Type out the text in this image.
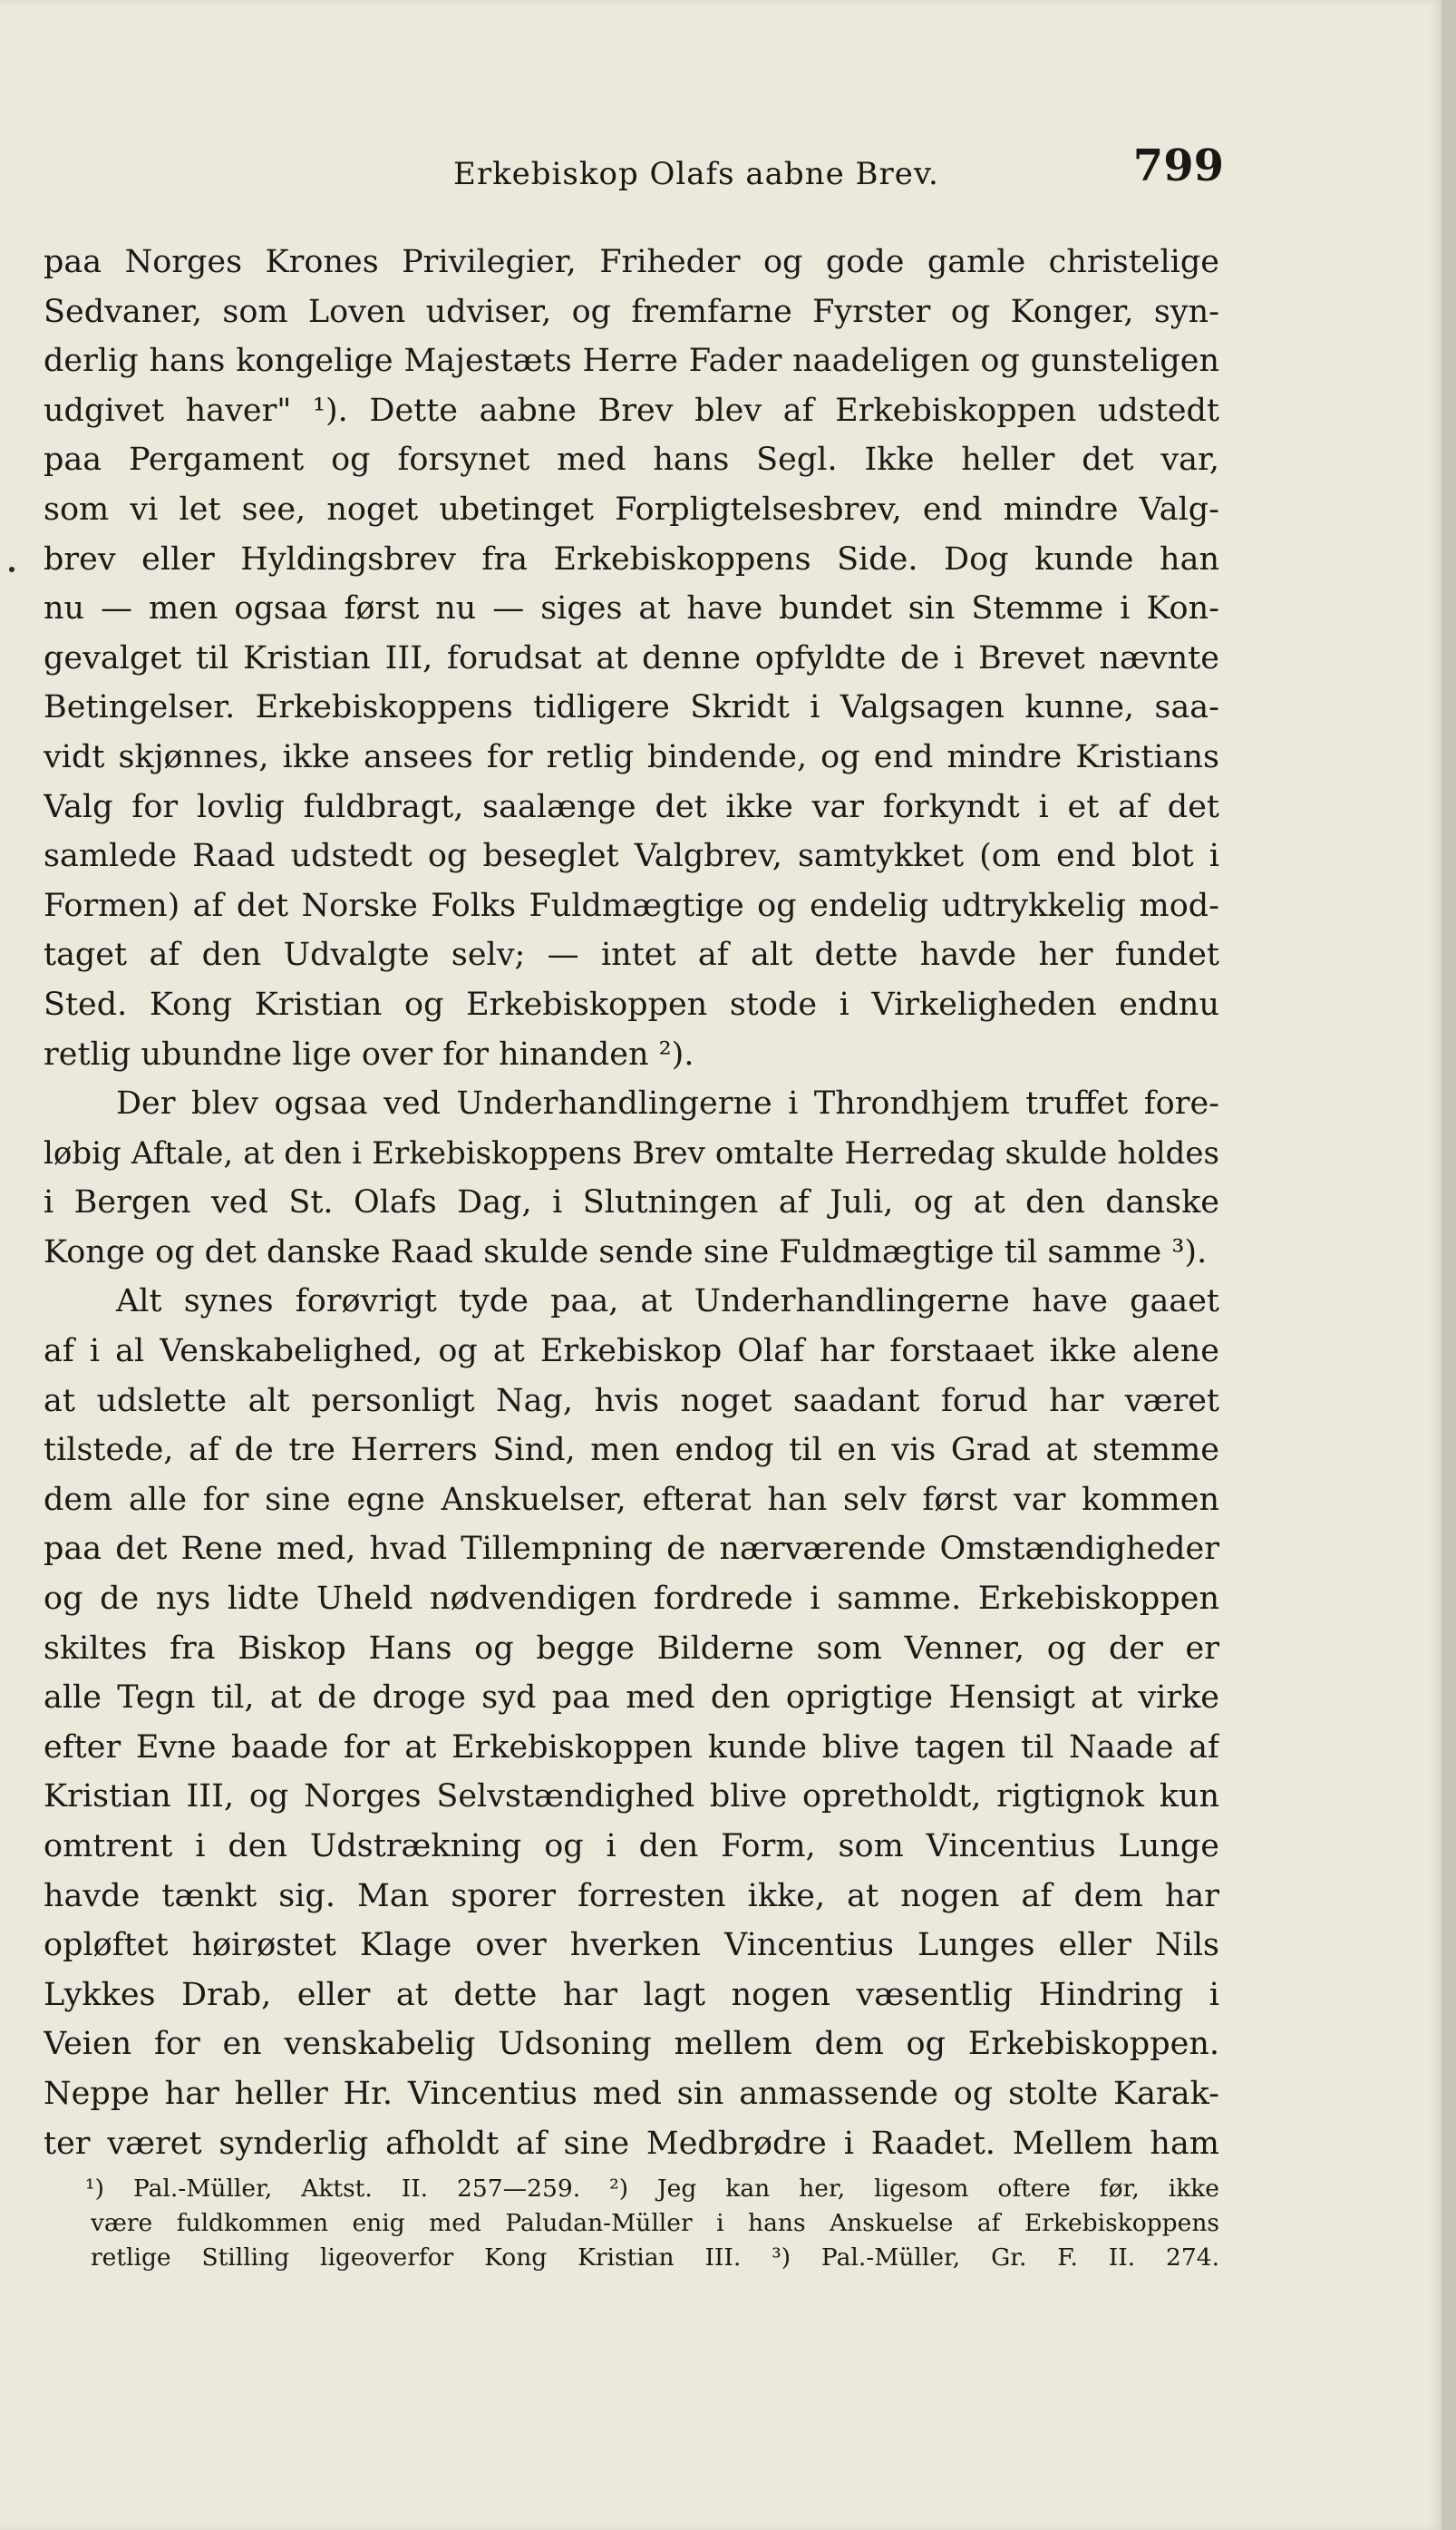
Erkebiskop Olafs aabne Brev.	799
paa Norges Krones Privilegier, Friheder og gode gamle christelige
Sedvaner, som Loven udviser, og fremfarne Fyrster og Konger, syn-
derlig hans kongelige Majestæts Herre Fader naadeligen og gunsteligen
udgivet haver" ¹). Dette aabne Brev blev af Erkebiskoppen udstedt
paa Pergament og forsynet med hans Segl. Ikke heller det var,
som vi let see, noget ubetinget Forpligtelsesbrev, end mindre Valg-
brev eller Hyldingsbrev fra Erkebiskoppens Side. Dog kunde han
nu — men ogsaa først nu — siges at have bundet sin Stemme i Kon-
gevalget til Kristian III, forudsat at denne opfyldte de i Brevet nævnte
Betingelser. Erkebiskoppens tidligere Skridt i Valgsagen kunne, saa-
vidt skjønnes, ikke ansees for retlig bindende, og end mindre Kristians
Valg for lovlig fuldbragt, saalænge det ikke var forkyndt i et af det
samlede Raad udstedt og beseglet Valgbrev, samtykket (om end blot i
Formen) af det Norske Folks Fuldmægtige og endelig udtrykkelig mod-
taget af den Udvalgte selv; — intet af alt dette havde her fundet
Sted. Kong Kristian og Erkebiskoppen stode i Virkeligheden endnu
retlig ubundne lige over for hinanden ²).
Der blev ogsaa ved Underhandlingerne i Throndhjem truffet fore-
løbig Aftale, at den i Erkebiskoppens Brev omtalte Herredag skulde holdes
i Bergen ved St. Olafs Dag, i Slutningen af Juli, og at den danske
Konge og det danske Raad skulde sende sine Fuldmægtige til samme ³).
Alt synes forøvrigt tyde paa, at Underhandlingerne have gaaet
af i al Venskabelighed, og at Erkebiskop Olaf har forstaaet ikke alene
at udslette alt personligt Nag, hvis noget saadant forud har været
tilstede, af de tre Herrers Sind, men endog til en vis Grad at stemme
dem alle for sine egne Anskuelser, efterat han selv først var kommen
paa det Rene med, hvad Tillempning de nærværende Omstændigheder
og de nys lidte Uheld nødvendigen fordrede i samme. Erkebiskoppen
skiltes fra Biskop Hans og begge Bilderne som Venner, og der er
alle Tegn til, at de droge syd paa med den oprigtige Hensigt at virke
efter Evne baade for at Erkebiskoppen kunde blive tagen til Naade af
Kristian III, og Norges Selvstændighed blive opretholdt, rigtignok kun
omtrent i den Udstrækning og i den Form, som Vincentius Lunge
havde tænkt sig. Man sporer forresten ikke, at nogen af dem har
opløftet høirøstet Klage over hverken Vincentius Lunges eller Nils
Lykkes Drab, eller at dette har lagt nogen væsentlig Hindring i
Veien for en venskabelig Udsoning mellem dem og Erkebiskoppen.
Neppe har heller Hr. Vincentius med sin anmassende og stolte Karak-
ter været synderlig afholdt af sine Medbrødre i Raadet. Mellem ham
¹) Pal.-Müller, Aktst. II. 257—259. ²) Jeg kan her, ligesom oftere før, ikke
være fuldkommen enig med Paludan-Müller i hans Anskuelse af Erkebiskoppens
retlige Stilling ligeoverfor Kong Kristian III. ³) Pal.-Müller, Gr. F. II. 274.
